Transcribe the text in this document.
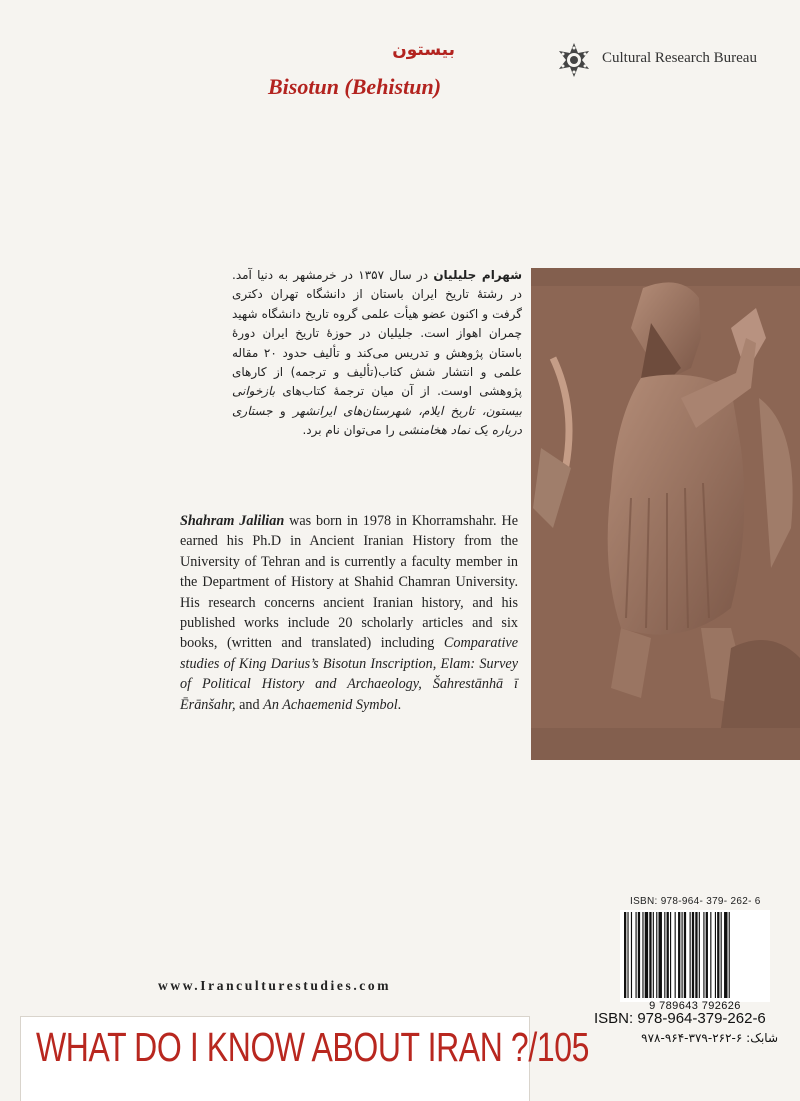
بیستون
Bisotun (Behistun)
Cultural Research Bureau
شهرام جلیلیان در سال ۱۳۵۷ در خرمشهر به دنیا آمد. در رشتهٔ تاریخ ایران باستان از دانشگاه تهران دکتری گرفت و اکنون عضو هیأت علمی گروه تاریخ دانشگاه شهید چمران اهواز است. جلیلیان در حوزهٔ تاریخ ایران دورهٔ باستان پژوهش و تدریس می‌کند و تألیف حدود ۲۰ مقاله علمی و انتشار شش کتاب(تألیف و ترجمه) از کارهای پژوهشی اوست. از آن میان ترجمهٔ کتاب‌های بازخوانی بیستون، تاریخ ایلام، شهرستان‌های ایرانشهر و جستاری درباره یک نماد هخامنشی را می‌توان نام برد.
Shahram Jalilian was born in 1978 in Khorramshahr. He earned his Ph.D in Ancient Iranian History from the University of Tehran and is currently a faculty member in the Department of History at Shahid Chamran University. His research concerns ancient Iranian history, and his published works include 20 scholarly articles and six books, (written and translated) including Comparative studies of King Darius’s Bisotun Inscription, Elam: Survey of Political History and Archaeology, Šahrestānhā ī Ērānšahr, and An Achaemenid Symbol.
ISBN: 978-964- 379- 262- 6
9 789643 792626
ISBN: 978-964-379-262-6
شابک: ۶-۲۶۲-۳۷۹-۹۶۴-۹۷۸
www.Iranculturestudies.com
WHAT DO I KNOW ABOUT IRAN ?/105
